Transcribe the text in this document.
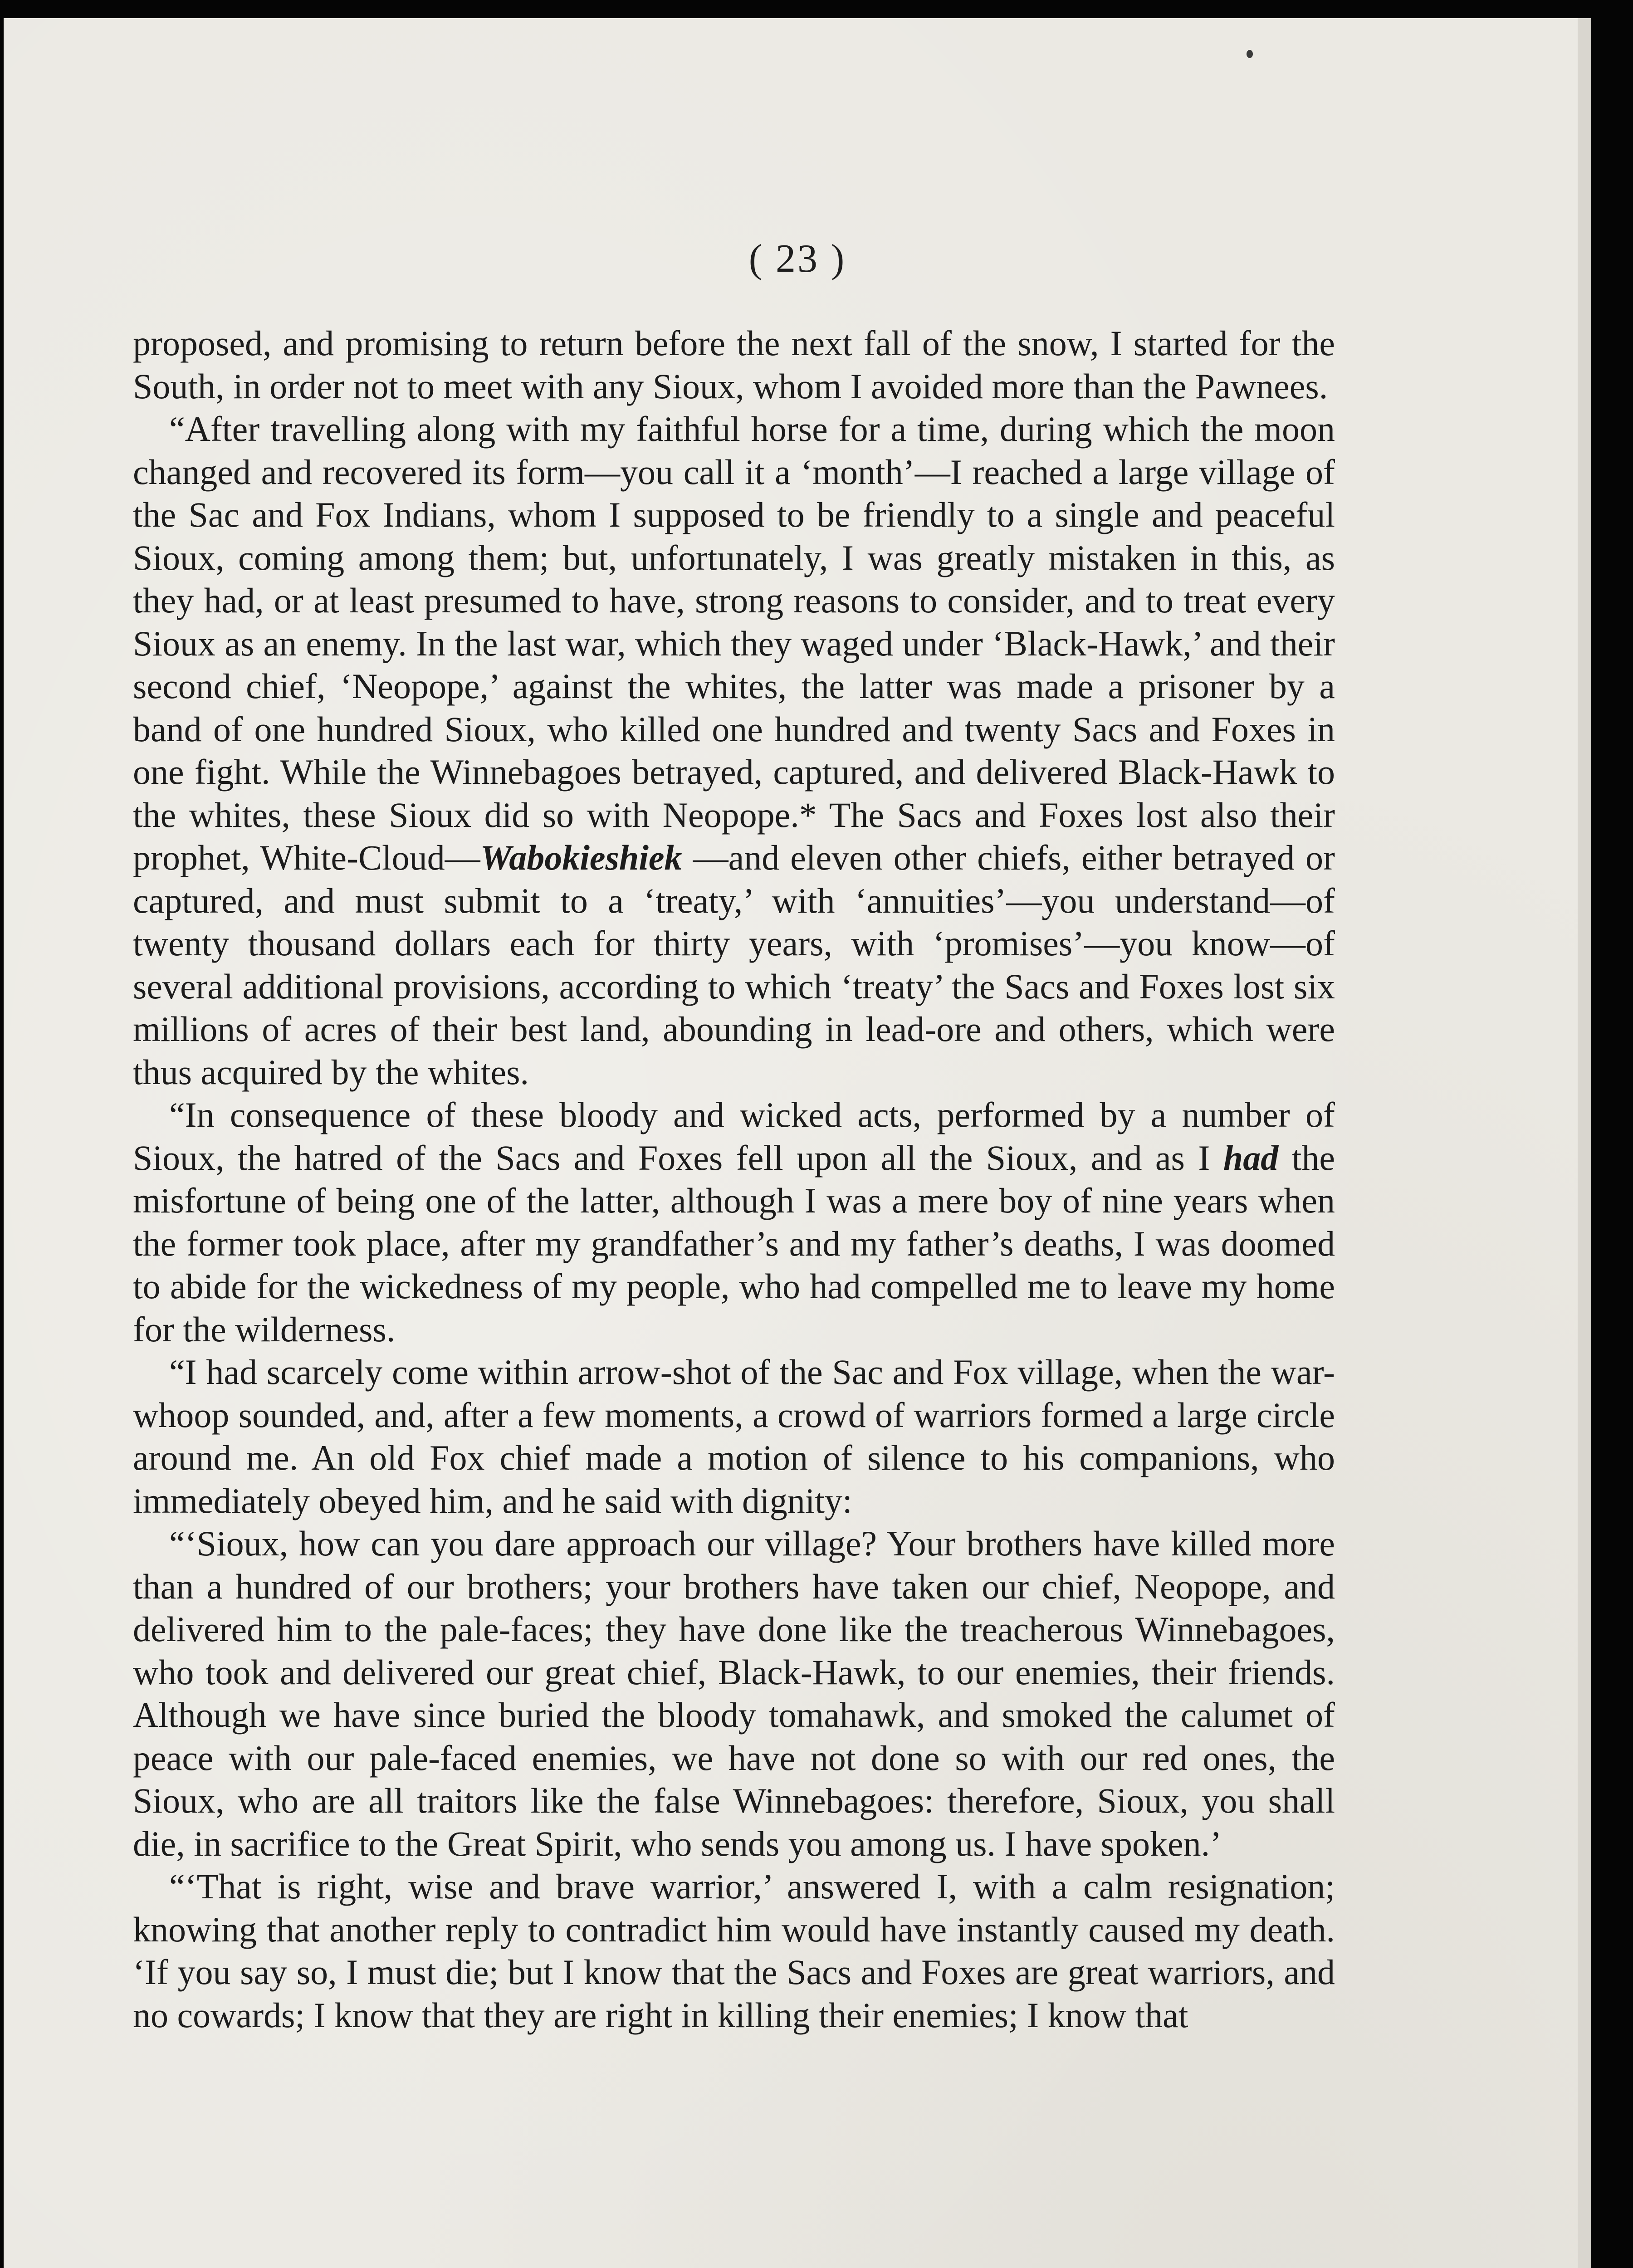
( 23 )

proposed, and promising to return before the next fall of the snow, I started for the South, in order not to meet with any Sioux, whom I avoided more than the Pawnees.

“After travelling along with my faithful horse for a time, during which the moon changed and recovered its form—you call it a ‘month’—I reached a large village of the Sac and Fox Indians, whom I supposed to be friendly to a single and peaceful Sioux, coming among them; but, unfortunately, I was greatly mistaken in this, as they had, or at least presumed to have, strong reasons to consider, and to treat every Sioux as an enemy. In the last war, which they waged under ‘Black-Hawk,’ and their second chief, ‘Neopope,’ against the whites, the latter was made a prisoner by a band of one hundred Sioux, who killed one hundred and twenty Sacs and Foxes in one fight. While the Winnebagoes betrayed, captured, and delivered Black-Hawk to the whites, these Sioux did so with Neopope.* The Sacs and Foxes lost also their prophet, White-Cloud—Wabokieshiek —and eleven other chiefs, either betrayed or captured, and must submit to a ‘treaty,’ with ‘annuities’—you understand—of twenty thousand dollars each for thirty years, with ‘promises’—you know—of several additional provisions, according to which ‘treaty’ the Sacs and Foxes lost six millions of acres of their best land, abounding in lead-ore and others, which were thus acquired by the whites.

“In consequence of these bloody and wicked acts, performed by a number of Sioux, the hatred of the Sacs and Foxes fell upon all the Sioux, and as I had the misfortune of being one of the latter, although I was a mere boy of nine years when the former took place, after my grandfather’s and my father’s deaths, I was doomed to abide for the wickedness of my people, who had compelled me to leave my home for the wilderness.

“I had scarcely come within arrow-shot of the Sac and Fox village, when the war-whoop sounded, and, after a few moments, a crowd of warriors formed a large circle around me. An old Fox chief made a motion of silence to his companions, who immediately obeyed him, and he said with dignity:

“‘Sioux, how can you dare approach our village? Your brothers have killed more than a hundred of our brothers; your brothers have taken our chief, Neopope, and delivered him to the pale-faces; they have done like the treacherous Winnebagoes, who took and delivered our great chief, Black-Hawk, to our enemies, their friends. Although we have since buried the bloody tomahawk, and smoked the calumet of peace with our pale-faced enemies, we have not done so with our red ones, the Sioux, who are all traitors like the false Winnebagoes: therefore, Sioux, you shall die, in sacrifice to the Great Spirit, who sends you among us. I have spoken.’

“‘That is right, wise and brave warrior,’ answered I, with a calm resignation; knowing that another reply to contradict him would have instantly caused my death. ‘If you say so, I must die; but I know that the Sacs and Foxes are great warriors, and no cowards; I know that they are right in killing their enemies; I know that
